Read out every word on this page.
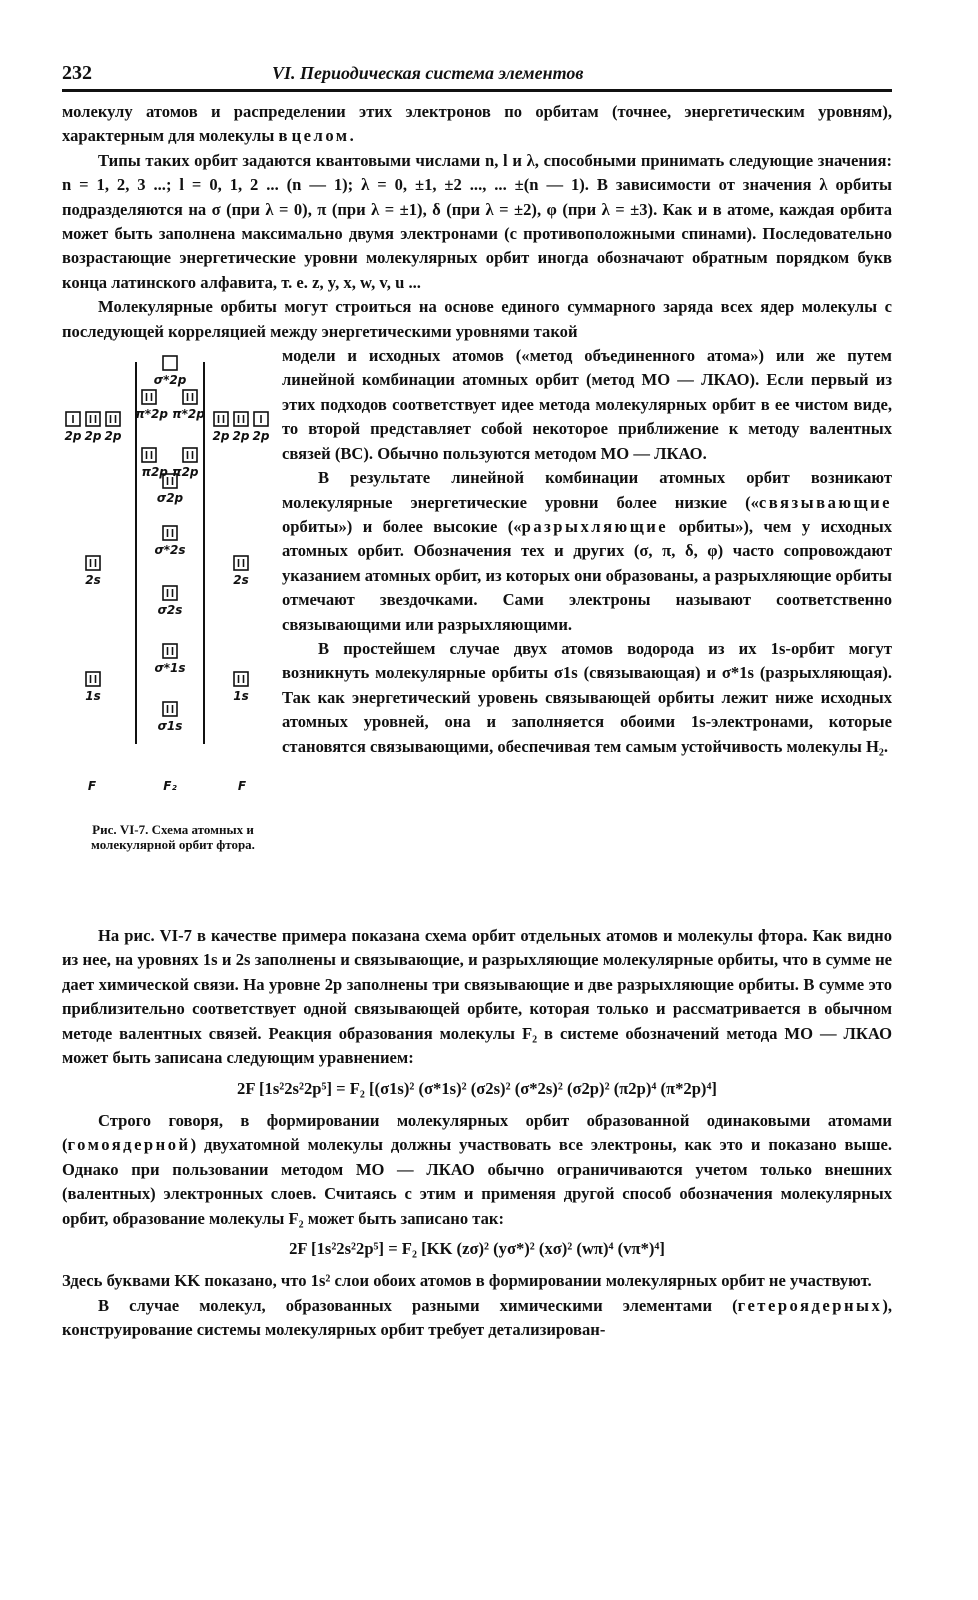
232	VI. Периодическая система элементов

молекулу атомов и распределении этих электронов по орбитам (точнее, энергетическим уровням), характерным для молекулы в целом.

Типы таких орбит задаются квантовыми числами n, l и λ, способными принимать следующие значения: n = 1, 2, 3 ...; l = 0, 1, 2 ... (n — 1); λ = 0, ±1, ±2 ..., ... ±(n — 1). В зависимости от значения λ орбиты подразделяются на σ (при λ = 0), π (при λ = ±1), δ (при λ = ±2), φ (при λ = ±3). Как и в атоме, каждая орбита может быть заполнена максимально двумя электронами (с противоположными спинами). Последовательно возрастающие энергетические уровни молекулярных орбит иногда обозначают обратным порядком букв конца латинского алфавита, т. е. z, y, x, w, v, u ...

Молекулярные орбиты могут строиться на основе единого суммарного заряда всех ядер молекулы с последующей корреляцией между энергетическими уровнями такой

σ*2p
π*2p π*2p
π2p π2p
σ2p
σ*2s
σ2s
σ*1s
σ1s
2p 2p 2p
2s
1s
2p 2p 2p
2s
1s
F	F₂	F
Рис. VI-7. Схема атомных и молекулярной орбит фтора.

модели и исходных атомов («метод объединенного атома») или же путем линейной комбинации атомных орбит (метод МО — ЛКАО). Если первый из этих подходов соответствует идее метода молекулярных орбит в ее чистом виде, то второй представляет собой некоторое приближение к методу валентных связей (ВС). Обычно пользуются методом МО — ЛКАО.

В результате линейной комбинации атомных орбит возникают молекулярные энергетические уровни более низкие («связывающие орбиты») и более высокие («разрыхляющие орбиты»), чем у исходных атомных орбит. Обозначения тех и других (σ, π, δ, φ) часто сопровождают указанием атомных орбит, из которых они образованы, а разрыхляющие орбиты отмечают звездочками. Сами электроны называют соответственно связывающими или разрыхляющими.

В простейшем случае двух атомов водорода из их 1s-орбит могут возникнуть молекулярные орбиты σ1s (связывающая) и σ*1s (разрыхляющая). Так как энергетический уровень связывающей орбиты лежит ниже исходных атомных уровней, она и заполняется обоими 1s-электронами, которые становятся связывающими, обеспечивая тем самым устойчивость молекулы H₂.

На рис. VI-7 в качестве примера показана схема орбит отдельных атомов и молекулы фтора. Как видно из нее, на уровнях 1s и 2s заполнены и связывающие, и разрыхляющие молекулярные орбиты, что в сумме не дает химической связи. На уровне 2p заполнены три связывающие и две разрыхляющие орбиты. В сумме это приблизительно соответствует одной связывающей орбите, которая только и рассматривается в обычном методе валентных связей. Реакция образования молекулы F₂ в системе обозначений метода МО — ЛКАО может быть записана следующим уравнением:

2F [1s²2s²2p⁵] = F₂ [(σ1s)² (σ*1s)² (σ2s)² (σ*2s)² (σ2p)² (π2p)⁴ (π*2p)⁴]

Строго говоря, в формировании молекулярных орбит образованной одинаковыми атомами (гомоядерной) двухатомной молекулы должны участвовать все электроны, как это и показано выше. Однако при пользовании методом МО — ЛКАО обычно ограничиваются учетом только внешних (валентных) электронных слоев. Считаясь с этим и применяя другой способ обозначения молекулярных орбит, образование молекулы F₂ может быть записано так:

2F [1s²2s²2p⁵] = F₂ [KK (zσ)² (yσ*)² (xσ)² (wπ)⁴ (vπ*)⁴]

Здесь буквами KK показано, что 1s² слои обоих атомов в формировании молекулярных орбит не участвуют.

В случае молекул, образованных разными химическими элементами (гетероядерных), конструирование системы молекулярных орбит требует детализирован-
